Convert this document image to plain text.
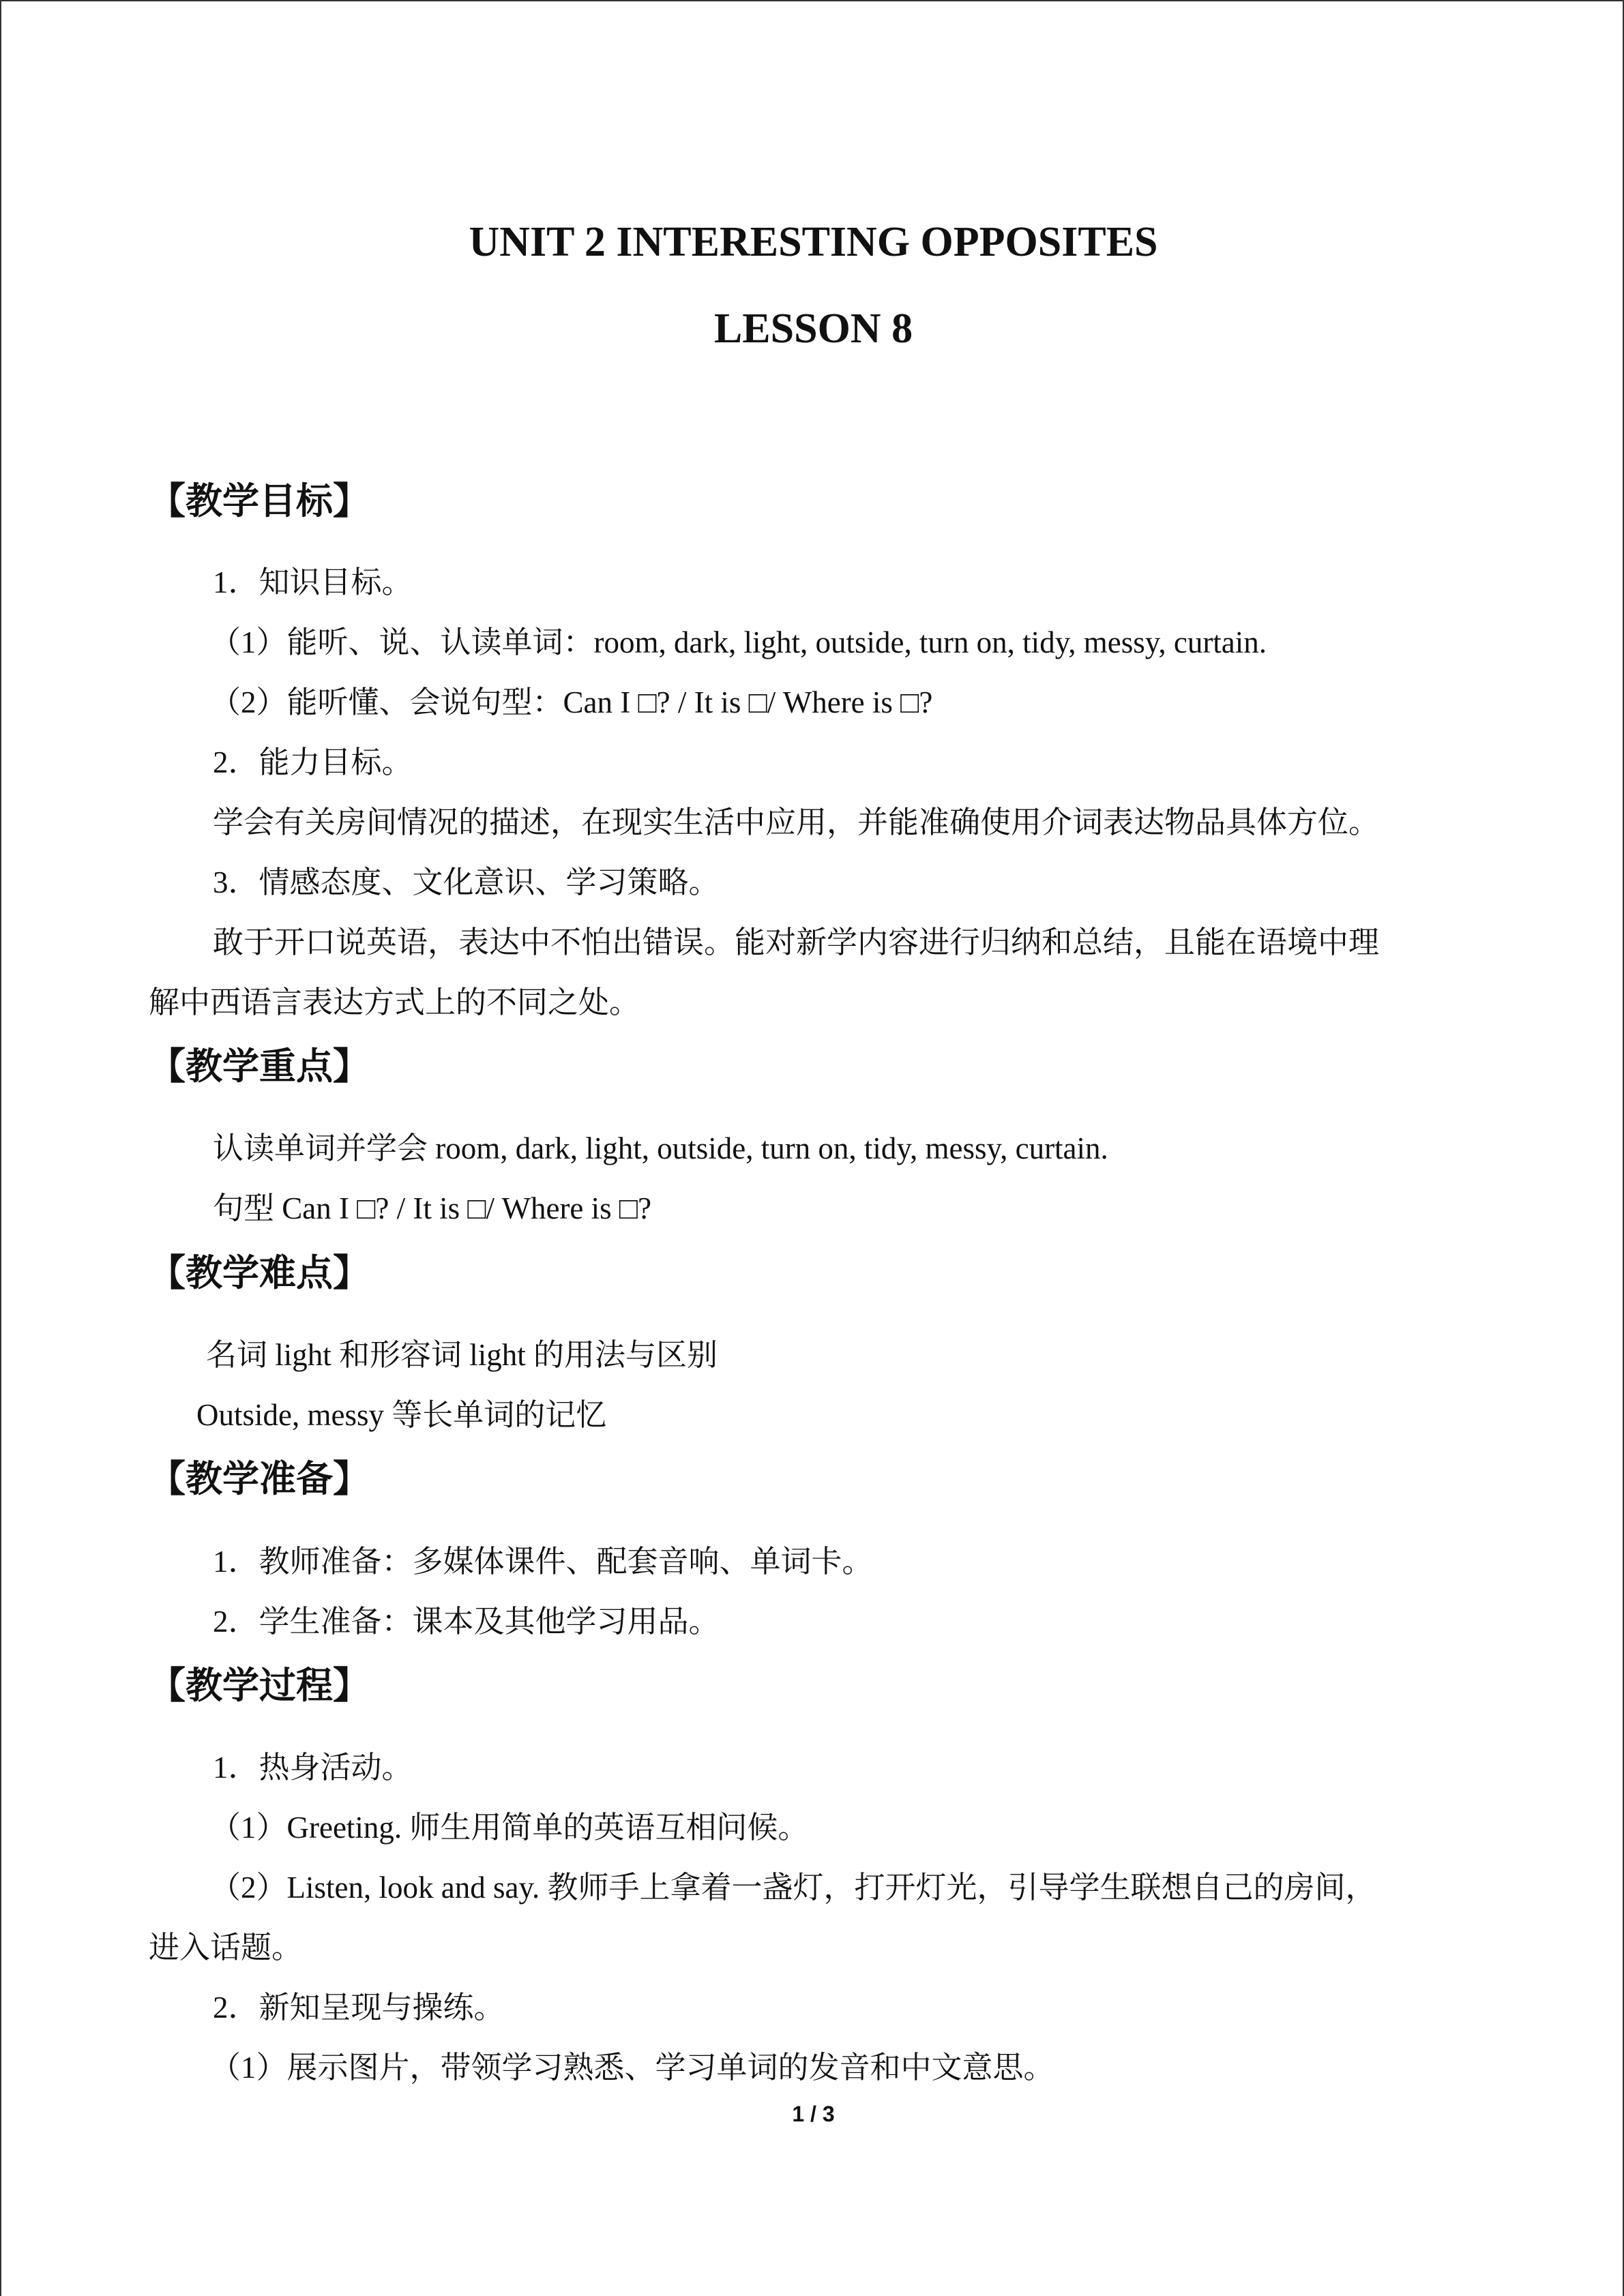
UNIT 2 INTERESTING OPPOSITES
LESSON 8
【教学目标】
1．知识目标。
（1）能听、说、认读单词：room, dark, light, outside, turn on, tidy, messy, curtain.
（2）能听懂、会说句型：Can I □? / It is □/ Where is □?
2．能力目标。
学会有关房间情况的描述，在现实生活中应用，并能准确使用介词表达物品具体方位。
3．情感态度、文化意识、学习策略。
敢于开口说英语，表达中不怕出错误。能对新学内容进行归纳和总结，且能在语境中理
解中西语言表达方式上的不同之处。
【教学重点】
认读单词并学会 room, dark, light, outside, turn on, tidy, messy, curtain.
句型 Can I □? / It is □/ Where is □?
【教学难点】
名词 light 和形容词 light 的用法与区别
Outside, messy 等长单词的记忆
【教学准备】
1．教师准备：多媒体课件、配套音响、单词卡。
2．学生准备：课本及其他学习用品。
【教学过程】
1．热身活动。
（1）Greeting. 师生用简单的英语互相问候。
（2）Listen, look and say. 教师手上拿着一盏灯，打开灯光，引导学生联想自己的房间，
进入话题。
2．新知呈现与操练。
（1）展示图片，带领学习熟悉、学习单词的发音和中文意思。
1 / 3
